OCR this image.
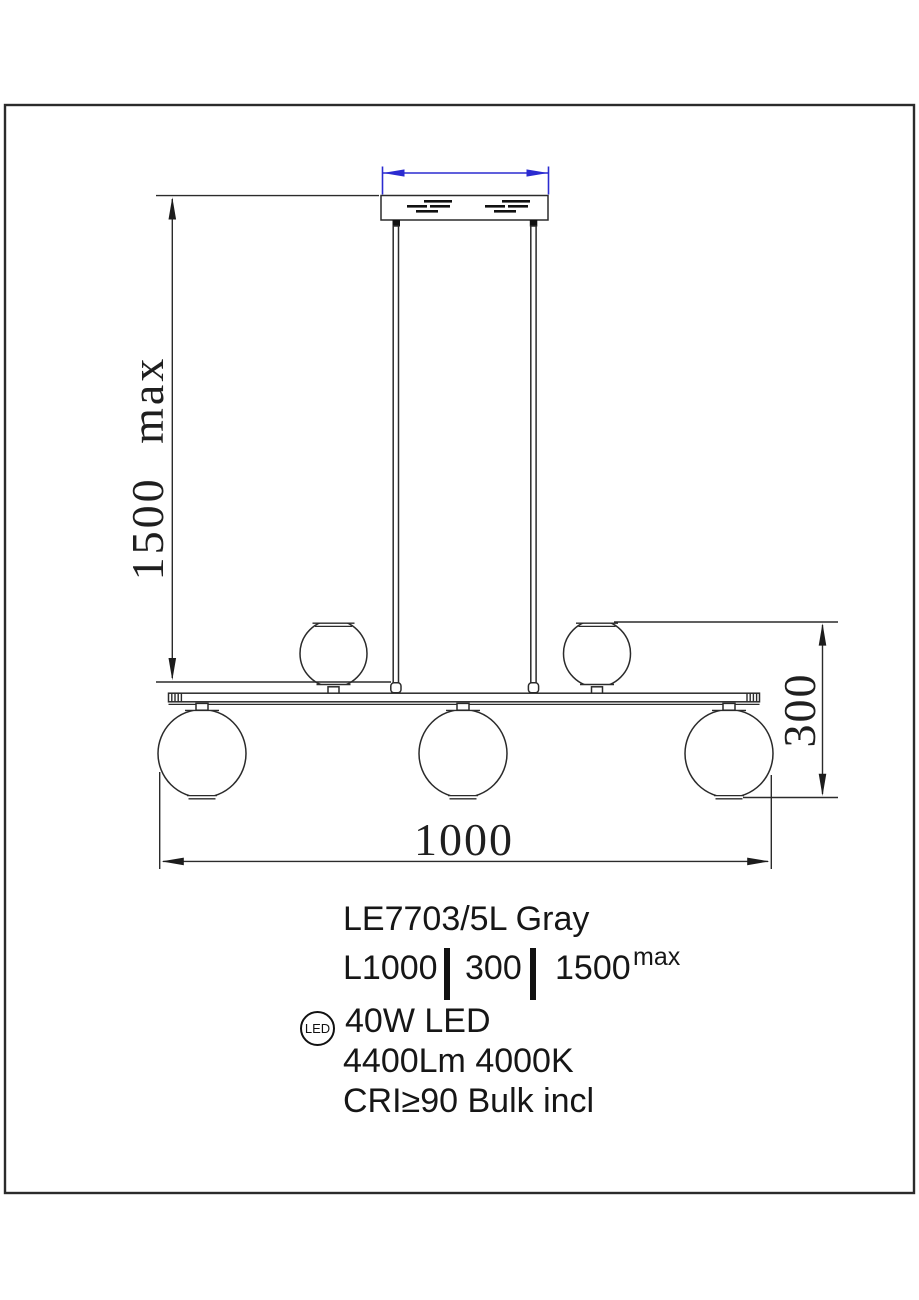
1500 max
300
1000
LE7703/5L Gray
L1000 300 1500 max
LED 40W LED
4400Lm 4000K
CRI≥90 Bulk incl
